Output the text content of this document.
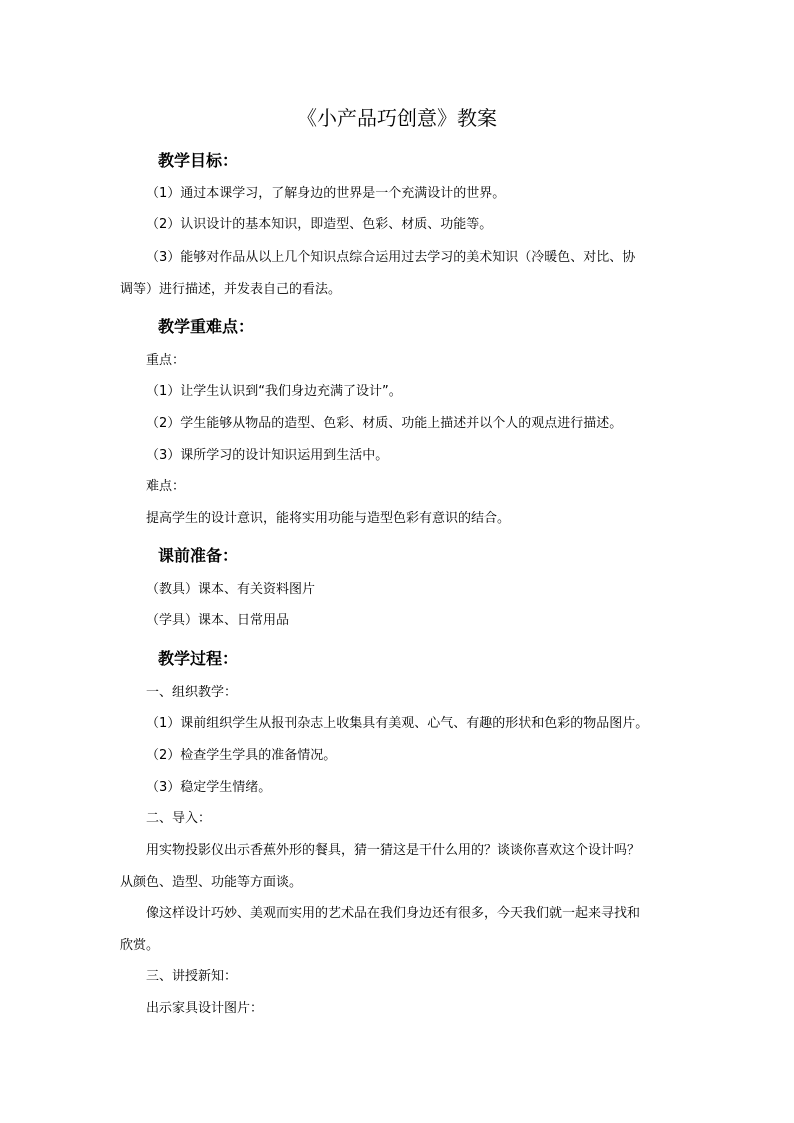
《小产品巧创意》教案
教学目标：
（1）通过本课学习，了解身边的世界是一个充满设计的世界。
（2）认识设计的基本知识，即造型、色彩、材质、功能等。
（3）能够对作品从以上几个知识点综合运用过去学习的美术知识（冷暖色、对比、协
调等）进行描述，并发表自己的看法。
教学重难点：
重点：
（1）让学生认识到“我们身边充满了设计”。
（2）学生能够从物品的造型、色彩、材质、功能上描述并以个人的观点进行描述。
（3）课所学习的设计知识运用到生活中。
难点：
提高学生的设计意识，能将实用功能与造型色彩有意识的结合。
课前准备：
（教具）课本、有关资料图片
（学具）课本、日常用品
教学过程：
一、组织教学：
（1）课前组织学生从报刊杂志上收集具有美观、心气、有趣的形状和色彩的物品图片。
（2）检查学生学具的准备情况。
（3）稳定学生情绪。
二、导入：
用实物投影仪出示香蕉外形的餐具，猜一猜这是干什么用的？谈谈你喜欢这个设计吗？
从颜色、造型、功能等方面谈。
像这样设计巧妙、美观而实用的艺术品在我们身边还有很多，今天我们就一起来寻找和
欣赏。
三、讲授新知：
出示家具设计图片：
